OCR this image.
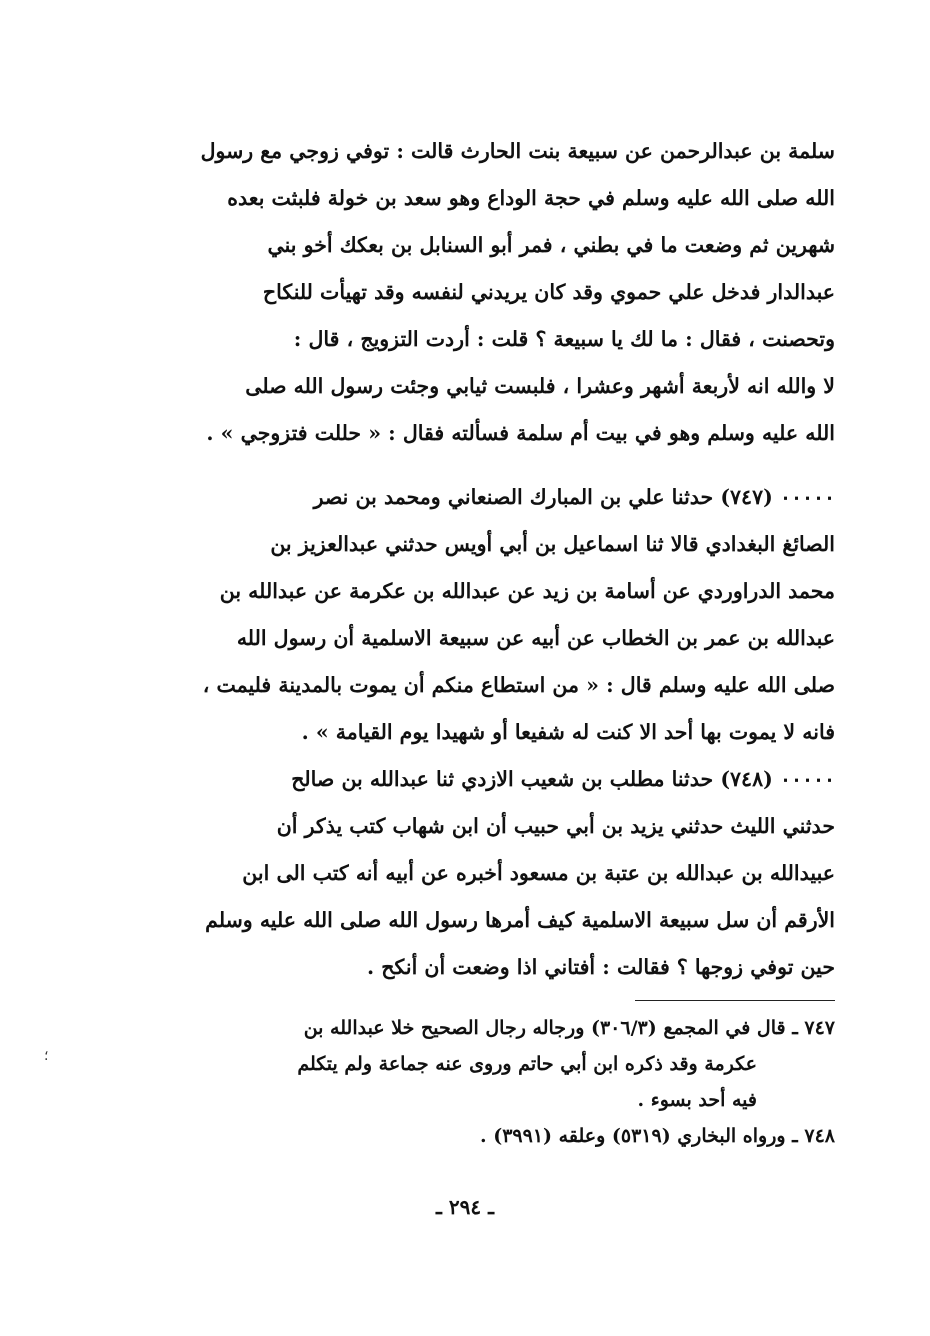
سلمة بن عبدالرحمن عن سبيعة بنت الحارث قالت : توفي زوجي مع رسول
الله صلى الله عليه وسلم في حجة الوداع وهو سعد بن خولة فلبثت بعده
شهرين ثم وضعت ما في بطني ، فمر أبو السنابل بن بعكك أخو بني
عبدالدار فدخل علي حموي وقد كان يريدني لنفسه وقد تهيأت للنكاح
وتحصنت ، فقال : ما لك يا سبيعة ؟ قلت : أردت التزويج ، قال :
لا والله انه لأربعة أشهر وعشرا ، فلبست ثيابي وجئت رسول الله صلى
الله عليه وسلم وهو في بيت أم سلمة فسألته فقال : « حللت فتزوجي » .
٠٠٠٠٠ (٧٤٧) حدثنا علي بن المبارك الصنعاني ومحمد بن نصر
الصائغ البغدادي قالا ثنا اسماعيل بن أبي أويس حدثني عبدالعزيز بن
محمد الدراوردي عن أسامة بن زيد عن عبدالله بن عكرمة عن عبدالله بن
عبدالله بن عمر بن الخطاب عن أبيه عن سبيعة الاسلمية أن رسول الله
صلى الله عليه وسلم قال : « من استطاع منكم أن يموت بالمدينة فليمت ،
فانه لا يموت بها أحد الا كنت له شفيعا أو شهيدا يوم القيامة » .
٠٠٠٠٠ (٧٤٨) حدثنا مطلب بن شعيب الازدي ثنا عبدالله بن صالح
حدثني الليث حدثني يزيد بن أبي حبيب أن ابن شهاب كتب يذكر أن
عبيدالله بن عبدالله بن عتبة بن مسعود أخبره عن أبيه أنه كتب الى ابن
الأرقم أن سل سبيعة الاسلمية كيف أمرها رسول الله صلى الله عليه وسلم
حين توفي زوجها ؟ فقالت : أفتاني اذا وضعت أن أنكح .
٧٤٧ ـ قال في المجمع (٣٠٦/٣) ورجاله رجال الصحيح خلا عبدالله بن
عكرمة وقد ذكره ابن أبي حاتم وروى عنه جماعة ولم يتكلم
فيه أحد بسوء .
٧٤٨ ـ ورواه البخاري (٥٣١٩) وعلقه (٣٩٩١) .
؛
ـ ٢٩٤ ـ
